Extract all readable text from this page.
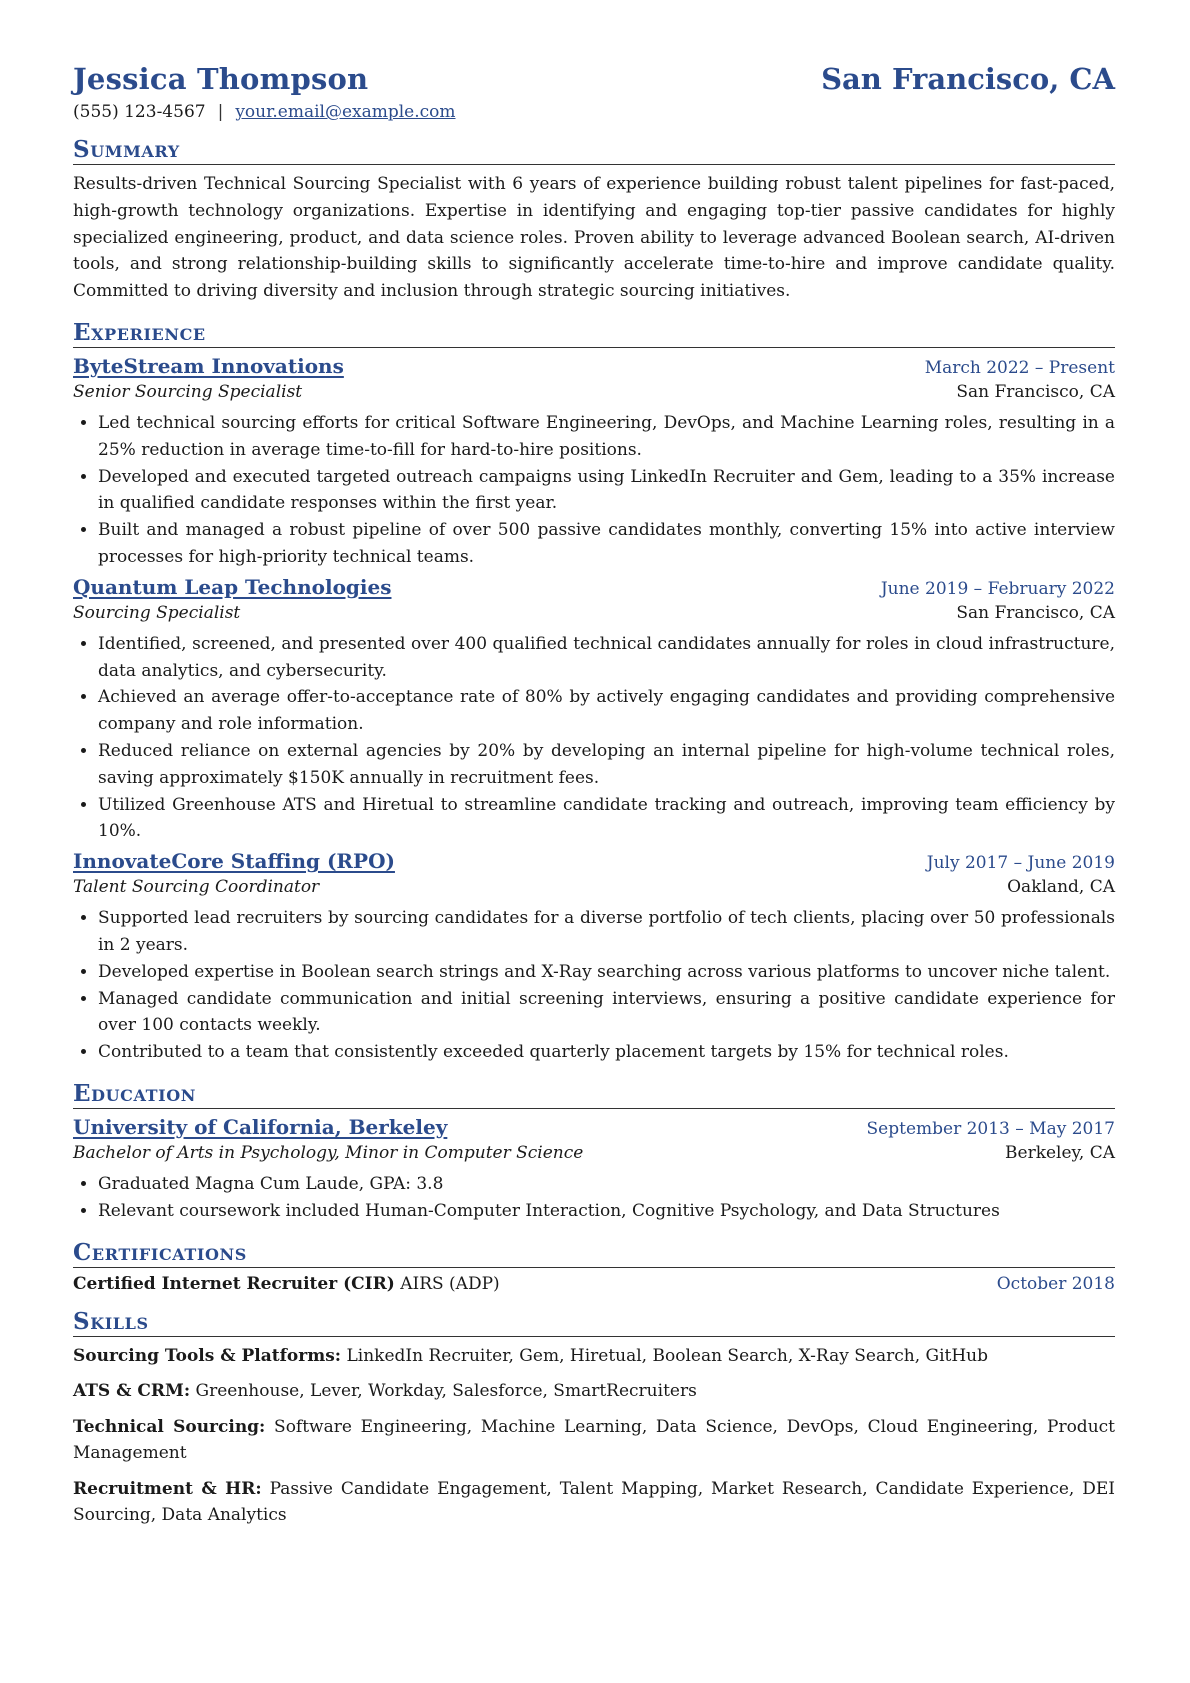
Jessica Thompson	San Francisco, CA
(555) 123-4567 | your.email@example.com
Summary
Results-driven Technical Sourcing Specialist with 6 years of experience building robust talent pipelines for fast-paced, high-growth technology organizations. Expertise in identifying and engaging top-tier passive candidates for highly specialized engineering, product, and data science roles. Proven ability to leverage advanced Boolean search, AI-driven tools, and strong relationship-building skills to significantly accelerate time-to-hire and improve candidate quality. Committed to driving diversity and inclusion through strategic sourcing initiatives.
Experience
ByteStream Innovations	March 2022 – Present
Senior Sourcing Specialist	San Francisco, CA
• Led technical sourcing efforts for critical Software Engineering, DevOps, and Machine Learning roles, resulting in a 25% reduction in average time-to-fill for hard-to-hire positions.
• Developed and executed targeted outreach campaigns using LinkedIn Recruiter and Gem, leading to a 35% increase in qualified candidate responses within the first year.
• Built and managed a robust pipeline of over 500 passive candidates monthly, converting 15% into active interview processes for high-priority technical teams.
Quantum Leap Technologies	June 2019 – February 2022
Sourcing Specialist	San Francisco, CA
• Identified, screened, and presented over 400 qualified technical candidates annually for roles in cloud infrastructure, data analytics, and cybersecurity.
• Achieved an average offer-to-acceptance rate of 80% by actively engaging candidates and providing comprehensive company and role information.
• Reduced reliance on external agencies by 20% by developing an internal pipeline for high-volume technical roles, saving approximately $150K annually in recruitment fees.
• Utilized Greenhouse ATS and Hiretual to streamline candidate tracking and outreach, improving team efficiency by 10%.
InnovateCore Staffing (RPO)	July 2017 – June 2019
Talent Sourcing Coordinator	Oakland, CA
• Supported lead recruiters by sourcing candidates for a diverse portfolio of tech clients, placing over 50 professionals in 2 years.
• Developed expertise in Boolean search strings and X-Ray searching across various platforms to uncover niche talent.
• Managed candidate communication and initial screening interviews, ensuring a positive candidate experience for over 100 contacts weekly.
• Contributed to a team that consistently exceeded quarterly placement targets by 15% for technical roles.
Education
University of California, Berkeley	September 2013 – May 2017
Bachelor of Arts in Psychology, Minor in Computer Science	Berkeley, CA
• Graduated Magna Cum Laude, GPA: 3.8
• Relevant coursework included Human-Computer Interaction, Cognitive Psychology, and Data Structures
Certifications
Certified Internet Recruiter (CIR) AIRS (ADP)	October 2018
Skills
Sourcing Tools & Platforms: LinkedIn Recruiter, Gem, Hiretual, Boolean Search, X-Ray Search, GitHub
ATS & CRM: Greenhouse, Lever, Workday, Salesforce, SmartRecruiters
Technical Sourcing: Software Engineering, Machine Learning, Data Science, DevOps, Cloud Engineering, Product Management
Recruitment & HR: Passive Candidate Engagement, Talent Mapping, Market Research, Candidate Experience, DEI Sourcing, Data Analytics
